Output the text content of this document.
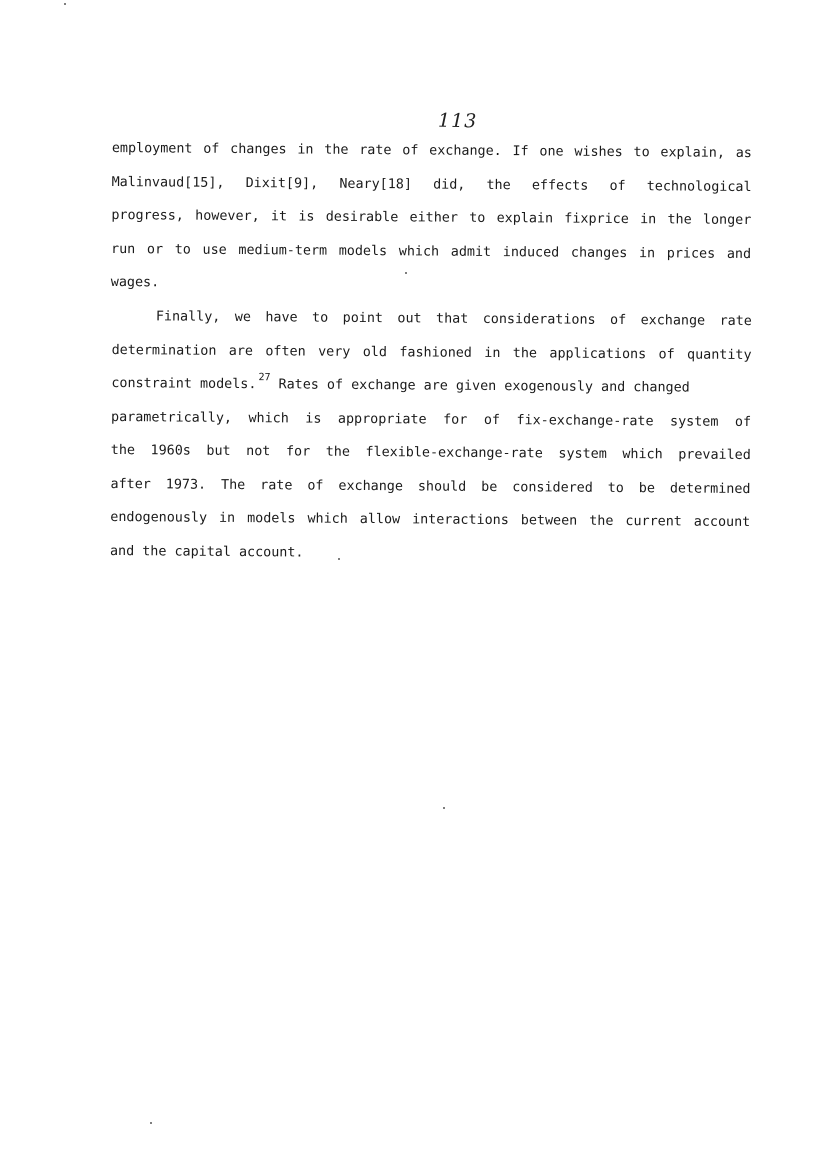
113
employment of changes in the rate of exchange. If one wishes to explain, as
Malinvaud[15], Dixit[9], Neary[18] did, the effects of technological
progress, however, it is desirable either to explain fixprice in the longer
run or to use medium-term models which admit induced changes in prices and
wages.
Finally, we have to point out that considerations of exchange rate
determination are often very old fashioned in the applications of quantity
constraint models. $^{27}$ Rates of exchange are given exogenously and changed
parametrically, which is appropriate for of fix-exchange-rate system of
the 1960s but not for the flexible-exchange-rate system which prevailed
after 1973. The rate of exchange should be considered to be determined
endogenously in models which allow interactions between the current account
and the capital account.
